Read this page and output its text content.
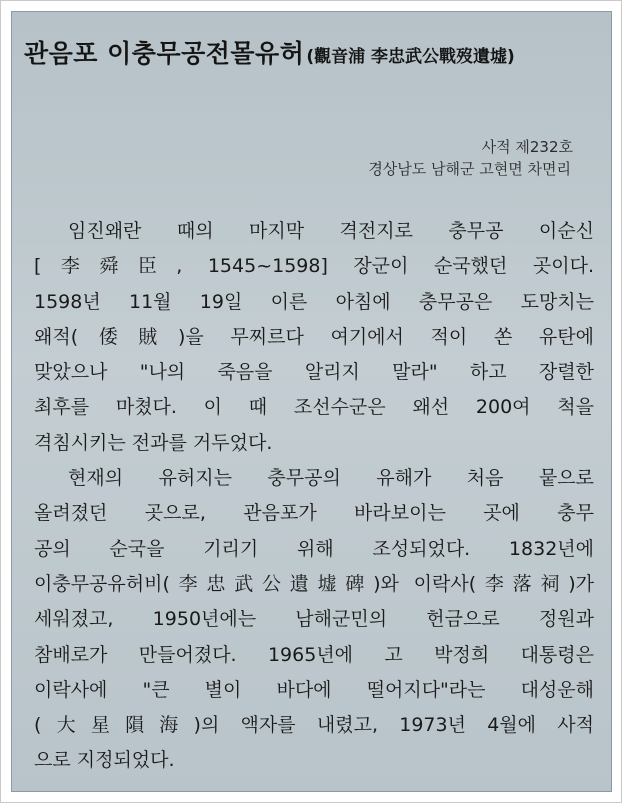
관음포 이충무공전몰유허 (觀音浦 李忠武公戰歿遺墟)
사적 제232호
경상남도 남해군 고현면 차면리
임진왜란 때의 마지막 격전지로 충무공 이순신
[李舜臣, 1545~1598] 장군이 순국했던 곳이다.
1598년 11월 19일 이른 아침에 충무공은 도망치는
왜적(倭賊)을 무찌르다 여기에서 적이 쏜 유탄에
맞았으나 "나의 죽음을 알리지 말라" 하고 장렬한
최후를 마쳤다. 이 때 조선수군은 왜선 200여 척을
격침시키는 전과를 거두었다.
현재의 유허지는 충무공의 유해가 처음 뭍으로
올려졌던 곳으로, 관음포가 바라보이는 곳에 충무
공의 순국을 기리기 위해 조성되었다. 1832년에
이충무공유허비(李忠武公遺墟碑)와 이락사(李落祠)가
세워졌고, 1950년에는 남해군민의 헌금으로 정원과
참배로가 만들어졌다. 1965년에 고 박정희 대통령은
이락사에 "큰 별이 바다에 떨어지다"라는 대성운해
(大星隕海)의 액자를 내렸고, 1973년 4월에 사적
으로 지정되었다.
